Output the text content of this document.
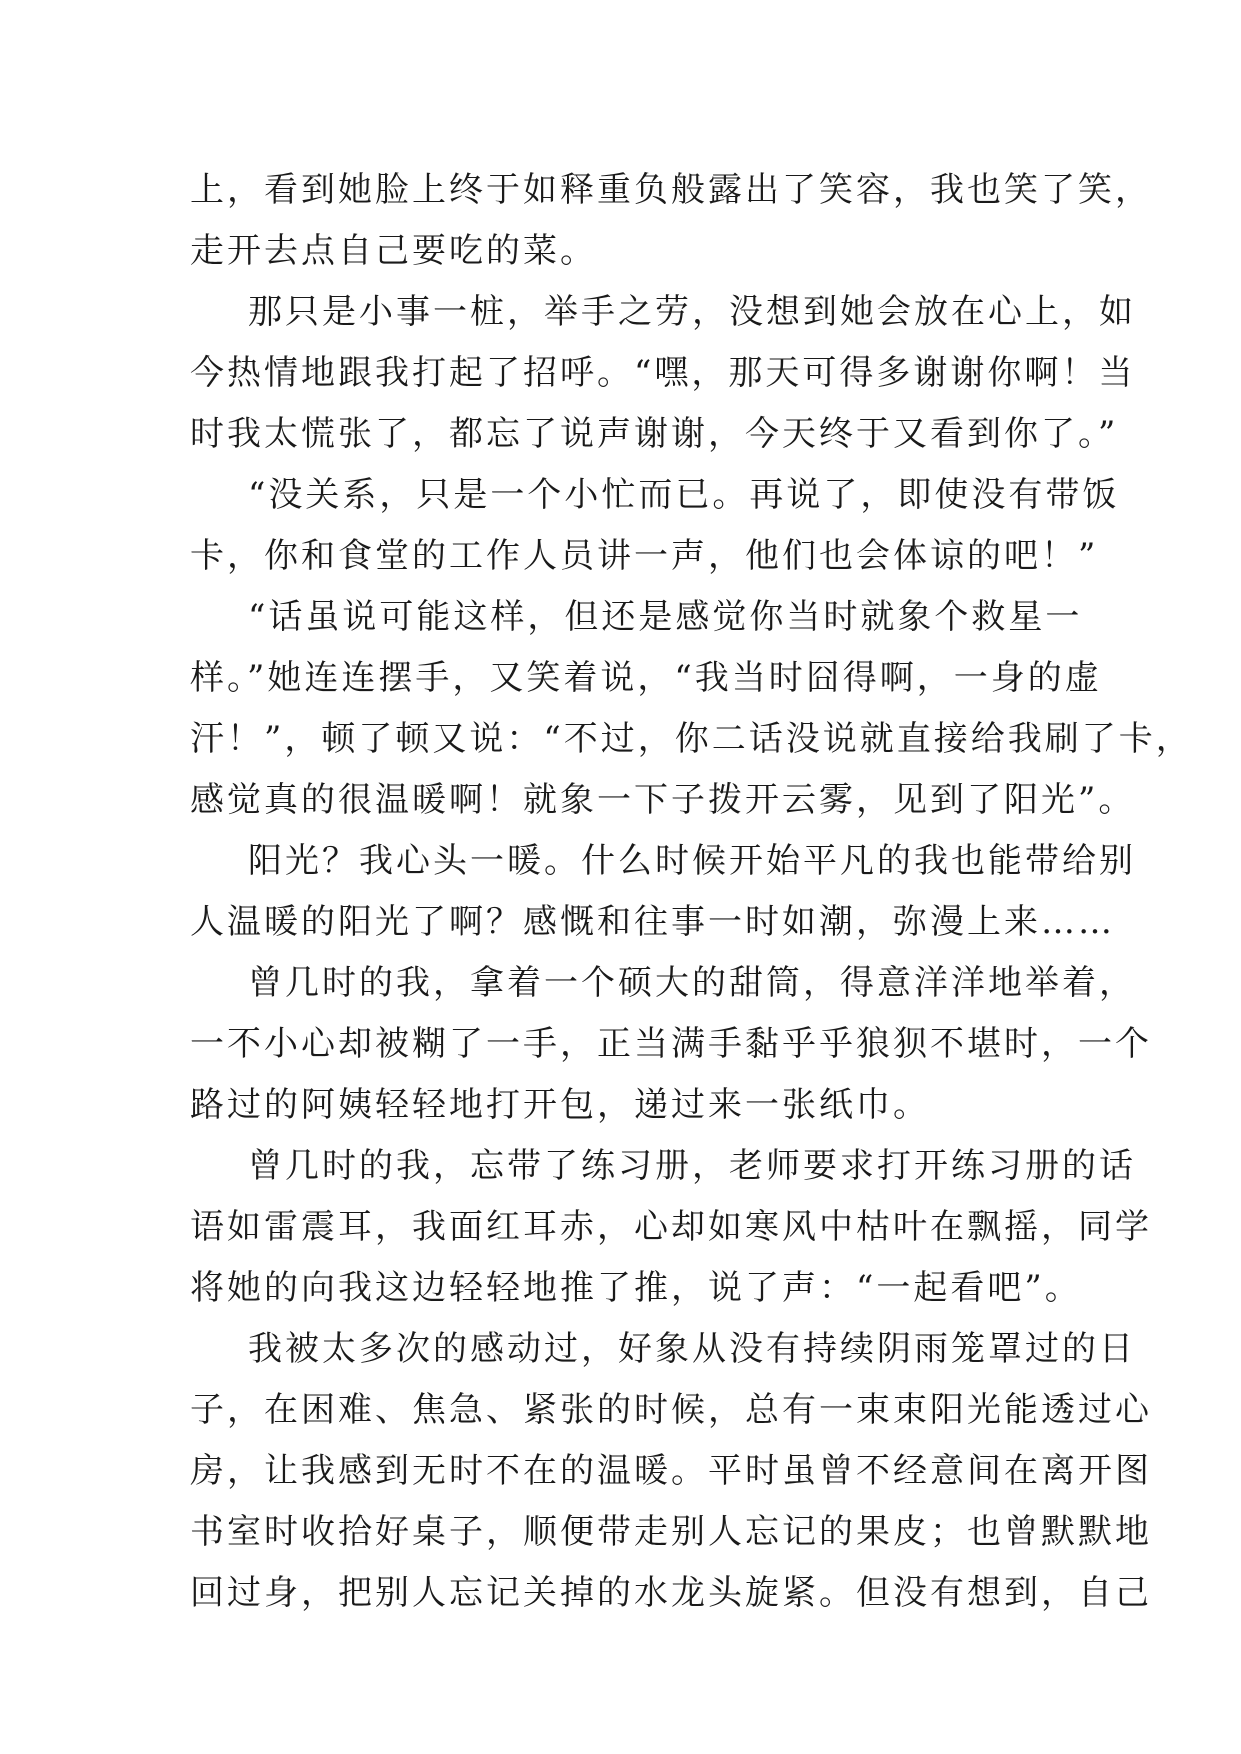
上，看到她脸上终于如释重负般露出了笑容，我也笑了笑，
走开去点自己要吃的菜。
那只是小事一桩，举手之劳，没想到她会放在心上，如
今热情地跟我打起了招呼。“嘿，那天可得多谢谢你啊！当
时我太慌张了，都忘了说声谢谢，今天终于又看到你了。”
“没关系，只是一个小忙而已。再说了，即使没有带饭
卡，你和食堂的工作人员讲一声，他们也会体谅的吧！”
“话虽说可能这样，但还是感觉你当时就象个救星一
样。”她连连摆手，又笑着说，“我当时囧得啊，一身的虚
汗！”，顿了顿又说：“不过，你二话没说就直接给我刷了卡，
感觉真的很温暖啊！就象一下子拨开云雾，见到了阳光”。
阳光？我心头一暖。什么时候开始平凡的我也能带给别
人温暖的阳光了啊？感慨和往事一时如潮，弥漫上来……
曾几时的我，拿着一个硕大的甜筒，得意洋洋地举着，
一不小心却被糊了一手，正当满手黏乎乎狼狈不堪时，一个
路过的阿姨轻轻地打开包，递过来一张纸巾。
曾几时的我，忘带了练习册，老师要求打开练习册的话
语如雷震耳，我面红耳赤，心却如寒风中枯叶在飘摇，同学
将她的向我这边轻轻地推了推，说了声：“一起看吧”。
我被太多次的感动过，好象从没有持续阴雨笼罩过的日
子，在困难、焦急、紧张的时候，总有一束束阳光能透过心
房，让我感到无时不在的温暖。平时虽曾不经意间在离开图
书室时收拾好桌子，顺便带走别人忘记的果皮；也曾默默地
回过身，把别人忘记关掉的水龙头旋紧。但没有想到，自己
